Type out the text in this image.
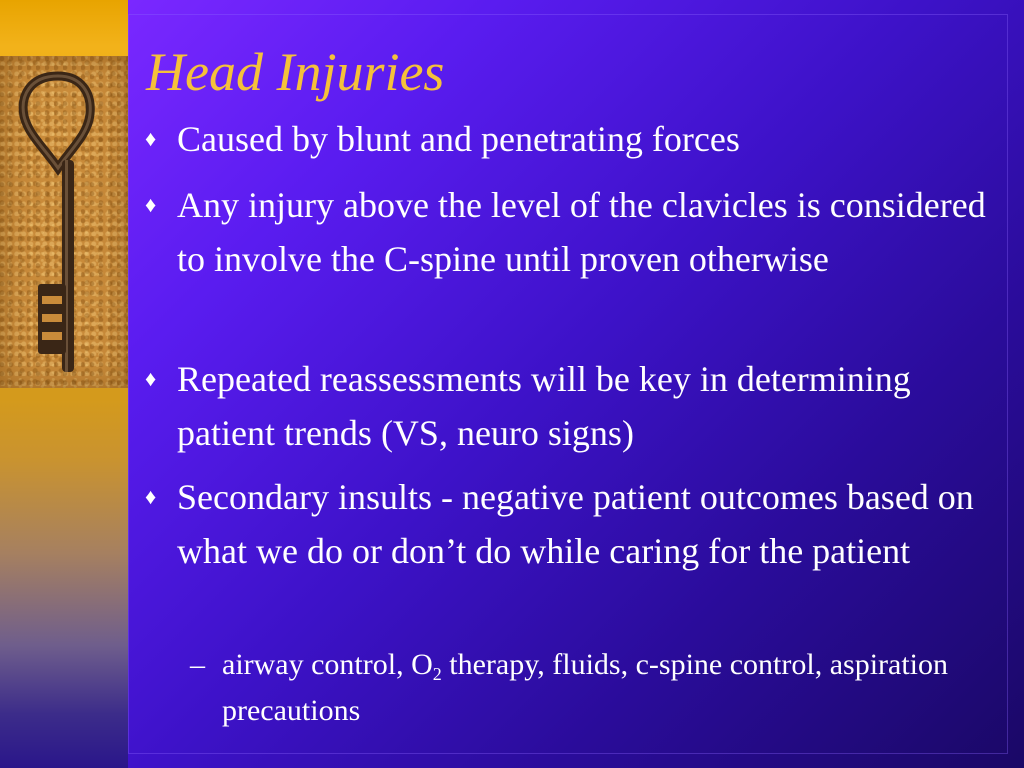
Head Injuries
♦ Caused by blunt and penetrating forces
♦ Any injury above the level of the clavicles is considered to involve the C-spine until proven otherwise
♦ Repeated reassessments will be key in determining patient trends (VS, neuro signs)
♦ Secondary insults - negative patient outcomes based on what we do or don’t do while caring for the patient
– airway control, $O_2$ therapy, fluids, c-spine control, aspiration precautions
